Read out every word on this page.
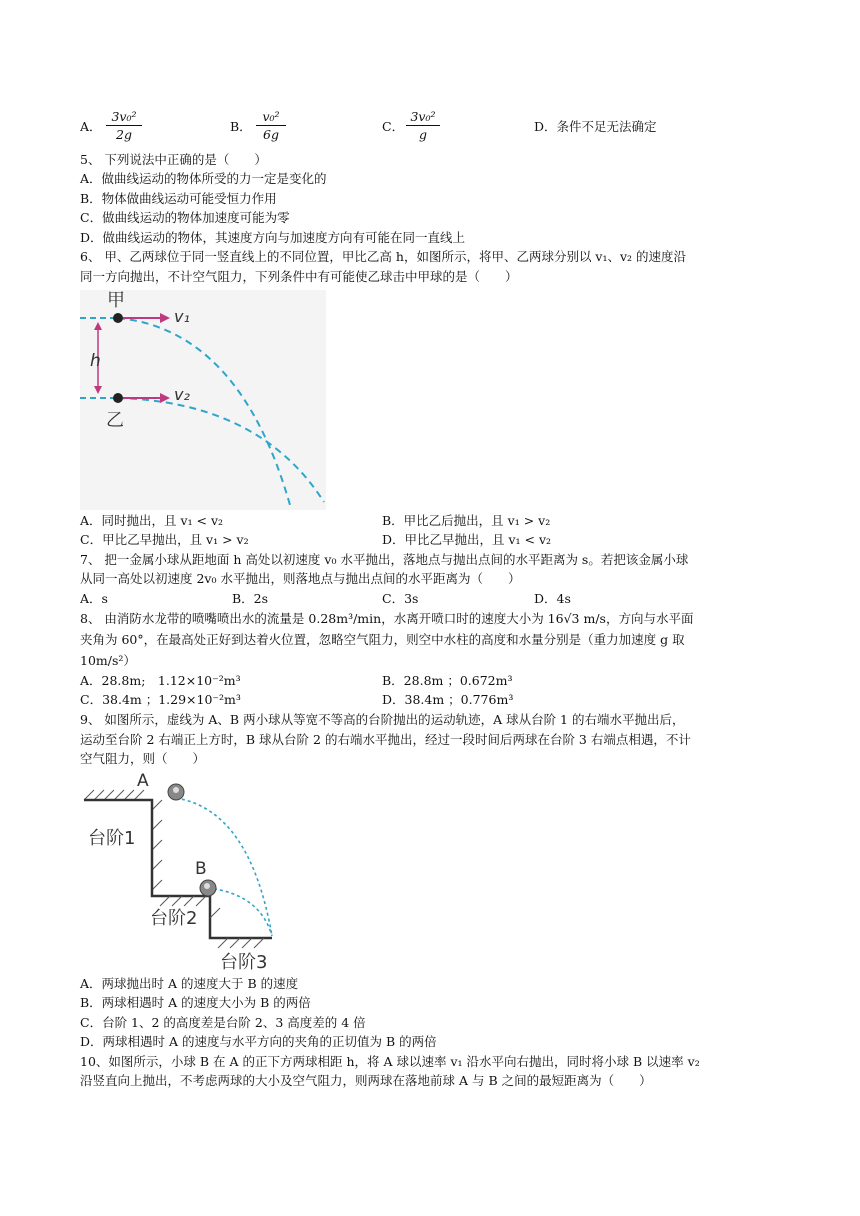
A． $\frac{\text{3v₀²}}{2g}$	B． $\frac{\text{v₀²}}{6g}$	C． $\frac{\text{3v₀²}}{g}$	D．条件不足无法确定
5、 下列说法中正确的是（　　）
A．做曲线运动的物体所受的力一定是变化的
B．物体做曲线运动可能受恒力作用
C．做曲线运动的物体加速度可能为零
D．做曲线运动的物体，其速度方向与加速度方向有可能在同一直线上
6、 甲、乙两球位于同一竖直线上的不同位置，甲比乙高 h，如图所示，将甲、乙两球分别以 v₁、v₂ 的速度沿
同一方向抛出，不计空气阻力，下列条件中有可能使乙球击中甲球的是（　　）
甲
乙
h
v₁
v₂
A．同时抛出，且 v₁ < v₂	B．甲比乙后抛出，且 v₁ > v₂
C．甲比乙早抛出，且 v₁ > v₂	D．甲比乙早抛出，且 v₁ < v₂
7、 把一金属小球从距地面 h 高处以初速度 v₀ 水平抛出，落地点与抛出点间的水平距离为 s。若把该金属小球
从同一高处以初速度 2v₀ 水平抛出，则落地点与抛出点间的水平距离为（　　）
A．s	B．2s	C．3s	D．4s
8、 由消防水龙带的喷嘴喷出水的流量是 0.28m³/min，水离开喷口时的速度大小为 16√3 m/s，方向与水平面
夹角为 60°，在最高处正好到达着火位置，忽略空气阻力，则空中水柱的高度和水量分别是（重力加速度 g 取
10m/s²）
A．28.8m;　1.12×10⁻²m³	B．28.8m ；0.672m³
C．38.4m ；1.29×10⁻²m³	D．38.4m ；0.776m³
9、 如图所示，虚线为 A、B 两小球从等宽不等高的台阶抛出的运动轨迹，A 球从台阶 1 的右端水平抛出后，
运动至台阶 2 右端正上方时，B 球从台阶 2 的右端水平抛出，经过一段时间后两球在台阶 3 右端点相遇，不计
空气阻力，则（　　）
A
B
台阶1
台阶2
台阶3
A．两球抛出时 A 的速度大于 B 的速度
B．两球相遇时 A 的速度大小为 B 的两倍
C．台阶 1、2 的高度差是台阶 2、3 高度差的 4 倍
D．两球相遇时 A 的速度与水平方向的夹角的正切值为 B 的两倍
10、如图所示，小球 B 在 A 的正下方两球相距 h，将 A 球以速率 v₁ 沿水平向右抛出，同时将小球 B 以速率 v₂
沿竖直向上抛出，不考虑两球的大小及空气阻力，则两球在落地前球 A 与 B 之间的最短距离为（　　）
